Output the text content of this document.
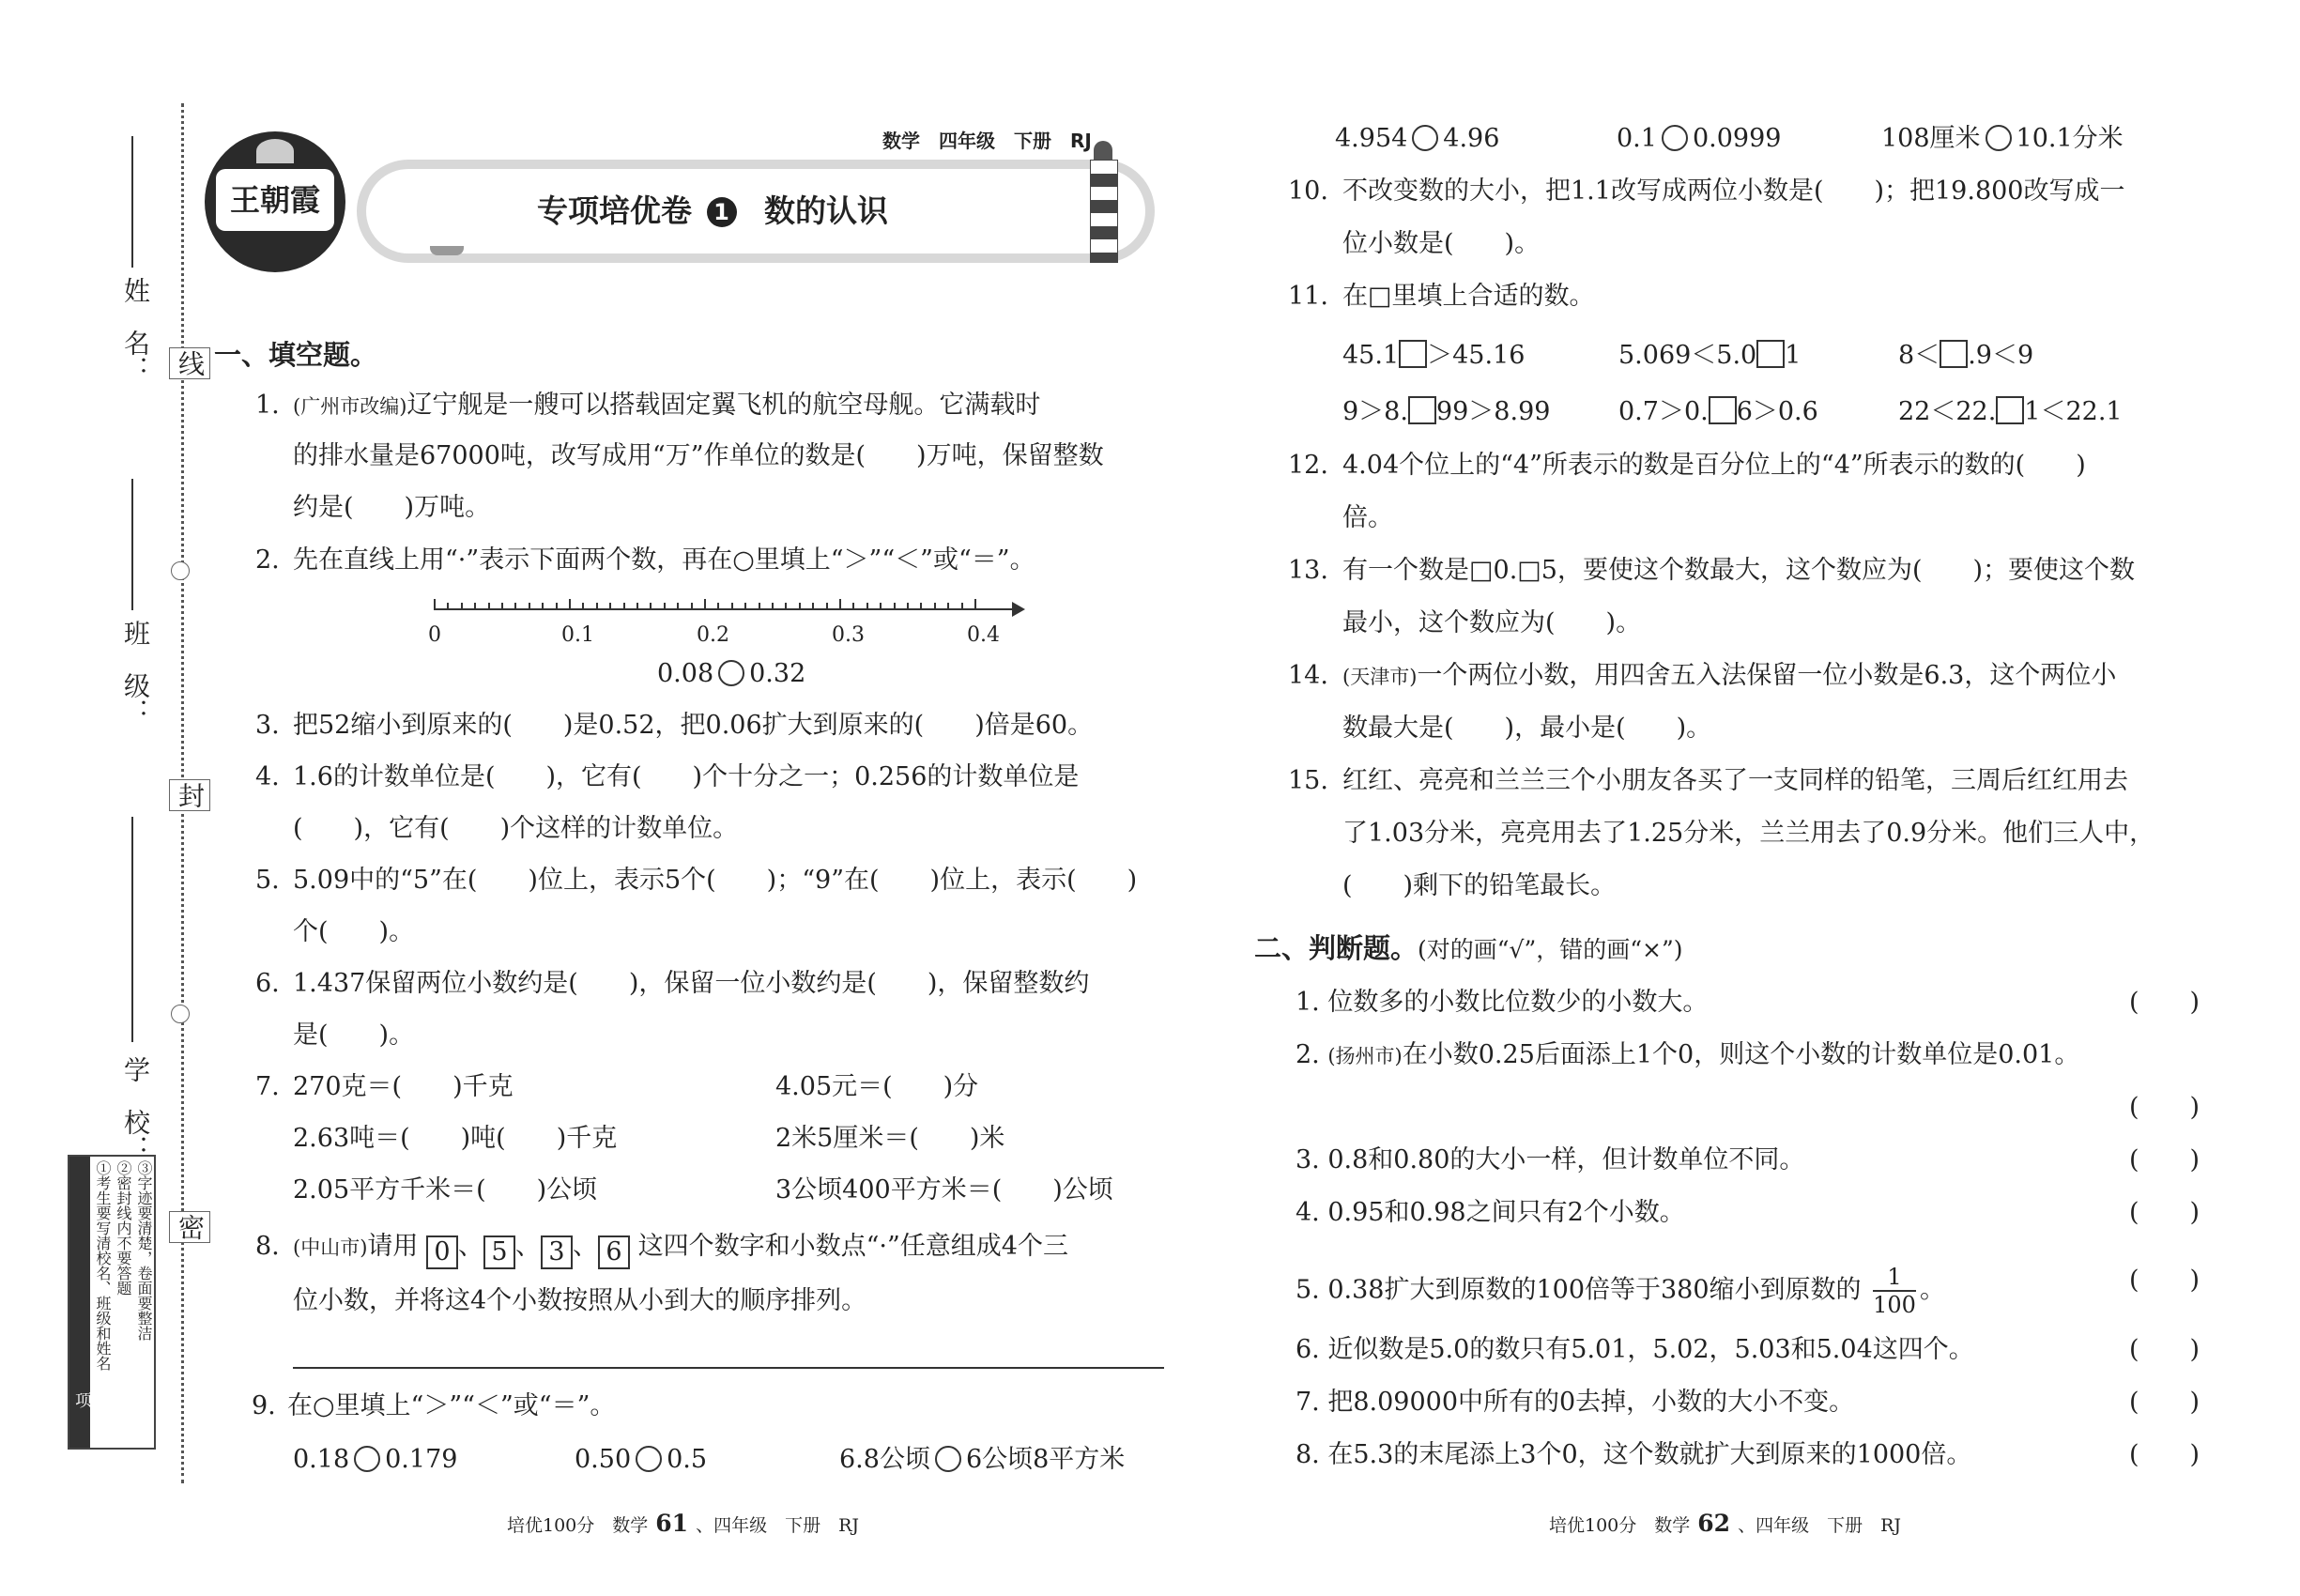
姓　名：
班　级：
学　校：
线
封
密
注意事项
①考生要写清校名、班级和姓名 ②密封线内不要答题 ③字迹要清楚，卷面要整洁
王朝霞
数学　四年级　下册　RJ
专项培优卷 1 数的认识
一、填空题。
1. (广州市改编)辽宁舰是一艘可以搭载固定翼飞机的航空母舰。它满载时
的排水量是67000吨，改写成用“万”作单位的数是(　　)万吨，保留整数
约是(　　)万吨。
2. 先在直线上用“·”表示下面两个数，再在○里填上“＞”“＜”或“＝”。
0	0.1	0.2	0.3	0.4
0.08 0.32
3. 把52缩小到原来的(　　)是0.52，把0.06扩大到原来的(　　)倍是60。
4. 1.6的计数单位是(　　)，它有(　　)个十分之一；0.256的计数单位是
(　　)，它有(　　)个这样的计数单位。
5. 5.09中的“5”在(　　)位上，表示5个(　　)；“9”在(　　)位上，表示(　　)
个(　　)。
6. 1.437保留两位小数约是(　　)，保留一位小数约是(　　)，保留整数约
是(　　)。
7. 270克＝(　　)千克	4.05元＝(　　)分
2.63吨＝(　　)吨(　　)千克	2米5厘米＝(　　)米
2.05平方千米＝(　　)公顷	3公顷400平方米＝(　　)公顷
8. (中山市)请用 0 、 5 、 3 、 6 这四个数字和小数点“·”任意组成4个三
位小数，并将这4个小数按照从小到大的顺序排列。
9. 在○里填上“＞”“＜”或“＝”。
0.18 0.179	0.50 0.5	6.8公顷 6公顷8平方米
培优100分　数学 61 、四年级　下册　RJ
4.954 4.96	0.1 0.0999	108厘米 10.1分米
10. 不改变数的大小，把1.1改写成两位小数是(　　)；把19.800改写成一
位小数是(　　)。
11. 在□里填上合适的数。
45.1 ＞45.16	5.069＜5.0 1	8＜ .9＜9
9＞8. 99＞8.99	0.7＞0. 6＞0.6	22＜22. 1＜22.1
12. 4.04个位上的“4”所表示的数是百分位上的“4”所表示的数的(　　)
倍。
13. 有一个数是□0.□5，要使这个数最大，这个数应为(　　)；要使这个数
最小，这个数应为(　　)。
14. (天津市)一个两位小数，用四舍五入法保留一位小数是6.3，这个两位小
数最大是(　　)，最小是(　　)。
15. 红红、亮亮和兰兰三个小朋友各买了一支同样的铅笔，三周后红红用去
了1.03分米，亮亮用去了1.25分米，兰兰用去了0.9分米。他们三人中，
(　　)剩下的铅笔最长。
二、判断题。(对的画“√”，错的画“×”)
1. 位数多的小数比位数少的小数大。	(　　)
2. (扬州市)在小数0.25后面添上1个0，则这个小数的计数单位是0.01。
(　　)
3. 0.8和0.80的大小一样，但计数单位不同。	(　　)
4. 0.95和0.98之间只有2个小数。	(　　)
5. 0.38扩大到原数的100倍等于380缩小到原数的 $\frac{1}{100}$ 。	(　　)
6. 近似数是5.0的数只有5.01，5.02，5.03和5.04这四个。	(　　)
7. 把8.09000中所有的0去掉，小数的大小不变。	(　　)
8. 在5.3的末尾添上3个0，这个数就扩大到原来的1000倍。	(　　)
培优100分　数学 62 、四年级　下册　RJ
